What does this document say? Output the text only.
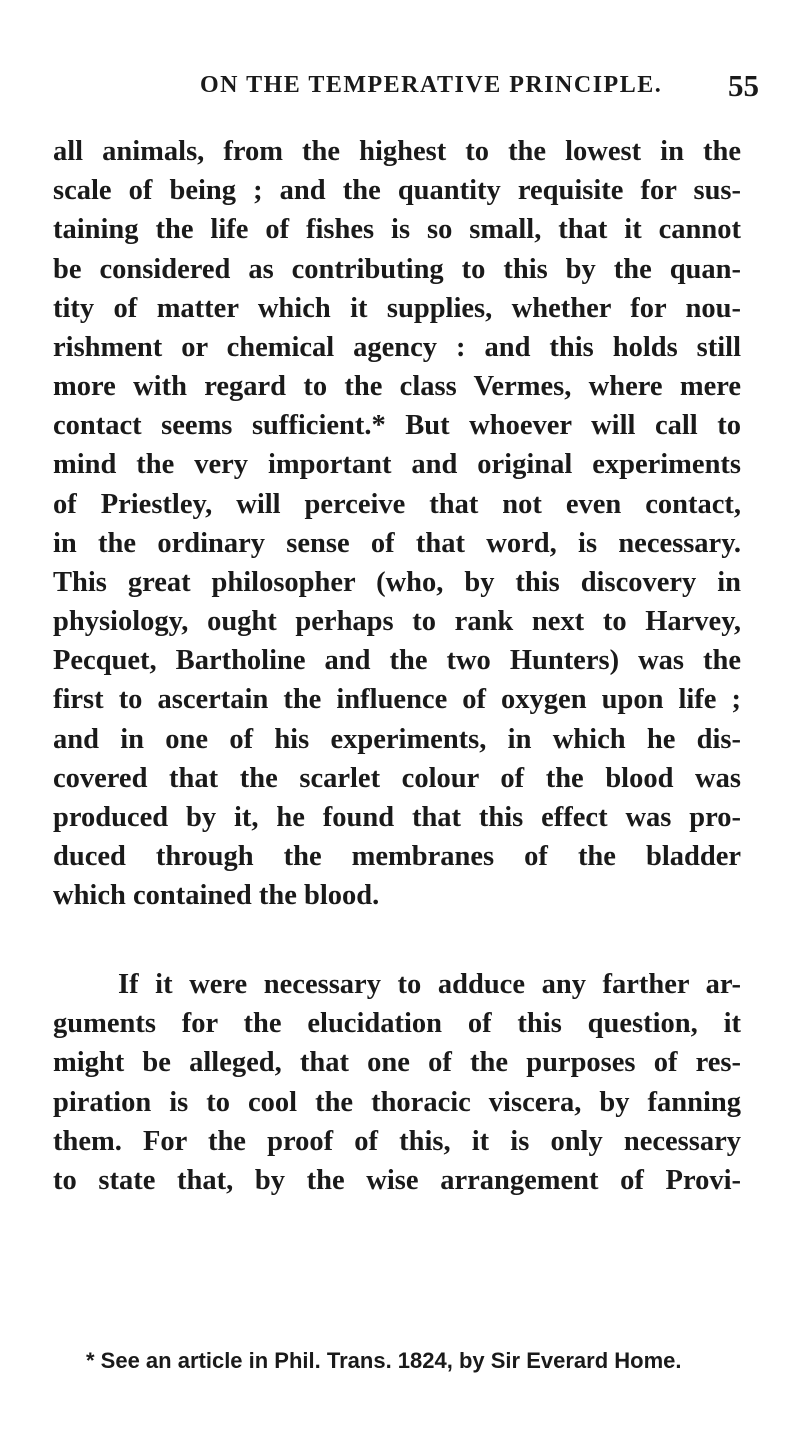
ON THE TEMPERATIVE PRINCIPLE. 55
all animals, from the highest to the lowest in the
scale of being ; and the quantity requisite for sus-
taining the life of fishes is so small, that it cannot
be considered as contributing to this by the quan-
tity of matter which it supplies, whether for nou-
rishment or chemical agency : and this holds still
more with regard to the class Vermes, where mere
contact seems sufficient.* But whoever will call to
mind the very important and original experiments
of Priestley, will perceive that not even contact,
in the ordinary sense of that word, is necessary.
This great philosopher (who, by this discovery in
physiology, ought perhaps to rank next to Harvey,
Pecquet, Bartholine and the two Hunters) was the
first to ascertain the influence of oxygen upon life ;
and in one of his experiments, in which he dis-
covered that the scarlet colour of the blood was
produced by it, he found that this effect was pro-
duced through the membranes of the bladder
which contained the blood.
If it were necessary to adduce any farther ar-
guments for the elucidation of this question, it
might be alleged, that one of the purposes of res-
piration is to cool the thoracic viscera, by fanning
them. For the proof of this, it is only necessary
to state that, by the wise arrangement of Provi-
* See an article in Phil. Trans. 1824, by Sir Everard Home.
